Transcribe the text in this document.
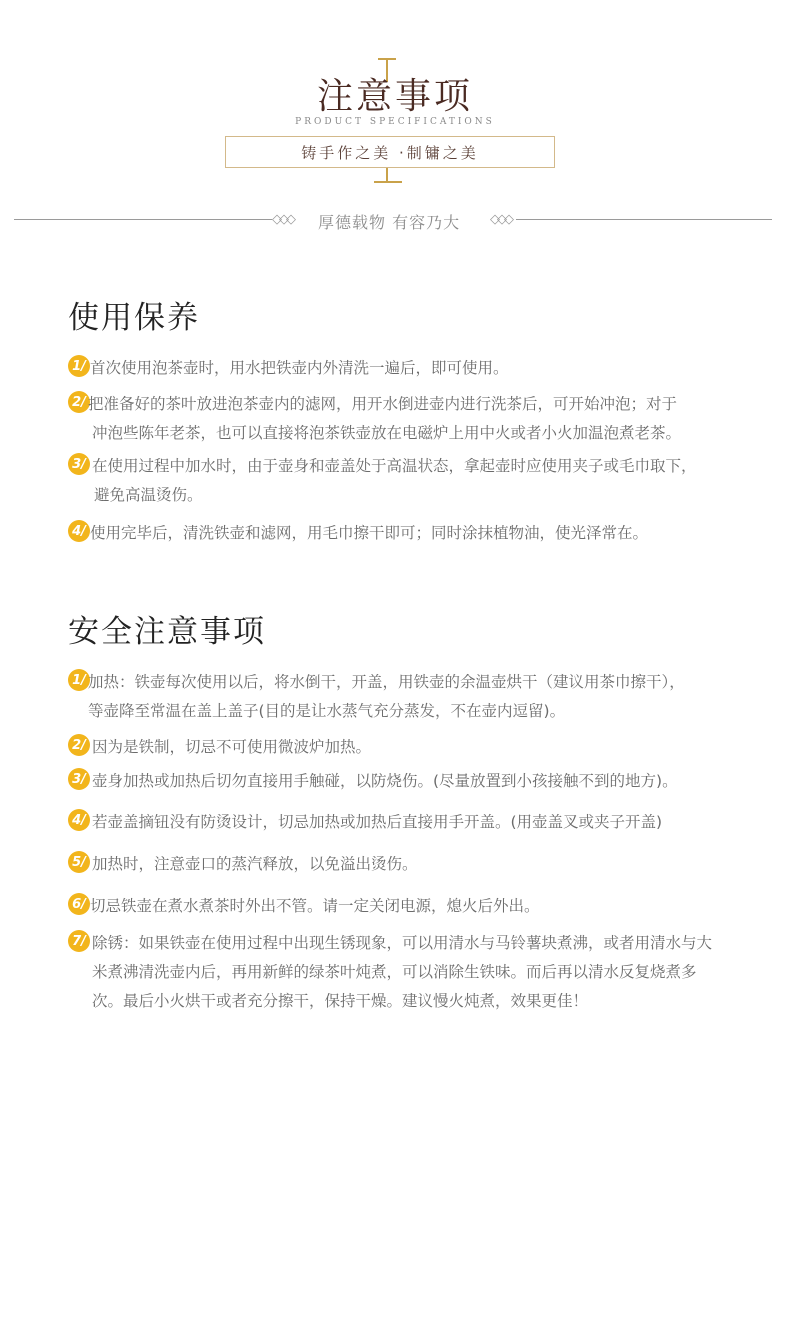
注意事项
PRODUCT SPECIFICATIONS
铸手作之美 ·制镛之美
◇◇◇ 厚德载物 有容乃大 ◇◇◇
使用保养
1/ 首次使用泡茶壶时，用水把铁壶内外清洗一遍后，即可使用。
2/ 把准备好的茶叶放进泡茶壶内的滤网，用开水倒进壶内进行洗茶后，可开始冲泡；对于
冲泡些陈年老茶，也可以直接将泡茶铁壶放在电磁炉上用中火或者小火加温泡煮老茶。
3/ 在使用过程中加水时，由于壶身和壶盖处于高温状态，拿起壶时应使用夹子或毛巾取下，
避免高温烫伤。
4/ 使用完毕后，清洗铁壶和滤网，用毛巾擦干即可；同时涂抹植物油，使光泽常在。
安全注意事项
1/ 加热：铁壶每次使用以后，将水倒干，开盖，用铁壶的余温壶烘干（建议用茶巾擦干），
等壶降至常温在盖上盖子(目的是让水蒸气充分蒸发，不在壶内逗留)。
2/ 因为是铁制，切忌不可使用微波炉加热。
3/ 壶身加热或加热后切勿直接用手触碰，以防烧伤。(尽量放置到小孩接触不到的地方)。
4/ 若壶盖摘钮没有防烫设计，切忌加热或加热后直接用手开盖。(用壶盖叉或夹子开盖)
5/ 加热时，注意壶口的蒸汽释放，以免溢出烫伤。
6/ 切忌铁壶在煮水煮茶时外出不管。请一定关闭电源，熄火后外出。
7/ 除锈：如果铁壶在使用过程中出现生锈现象，可以用清水与马铃薯块煮沸，或者用清水与大
米煮沸清洗壶内后，再用新鲜的绿茶叶炖煮，可以消除生铁味。而后再以清水反复烧煮多
次。最后小火烘干或者充分擦干，保持干燥。建议慢火炖煮，效果更佳！
